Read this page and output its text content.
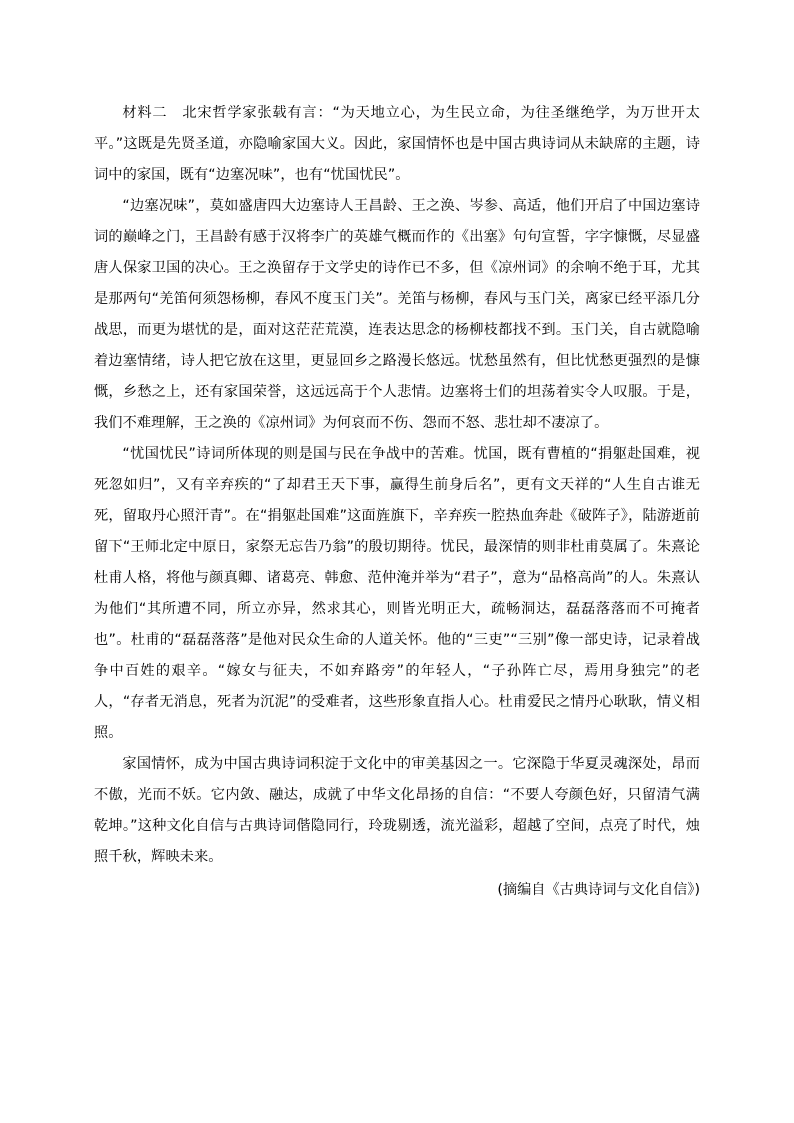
材料二　北宋哲学家张载有言：“为天地立心，为生民立命，为往圣继绝学，为万世开太平。”这既是先贤圣道，亦隐喻家国大义。因此，家国情怀也是中国古典诗词从未缺席的主题，诗词中的家国，既有“边塞况味”，也有“忧国忧民”。

“边塞况味”，莫如盛唐四大边塞诗人王昌龄、王之涣、岑参、高适，他们开启了中国边塞诗词的巅峰之门，王昌龄有感于汉将李广的英雄气概而作的《出塞》句句宣誓，字字慷慨，尽显盛唐人保家卫国的决心。王之涣留存于文学史的诗作已不多，但《凉州词》的余响不绝于耳，尤其是那两句“羌笛何须怨杨柳，春风不度玉门关”。羌笛与杨柳，春风与玉门关，离家已经平添几分战思，而更为堪忧的是，面对这茫茫荒漠，连表达思念的杨柳枝都找不到。玉门关，自古就隐喻着边塞情绪，诗人把它放在这里，更显回乡之路漫长悠远。忧愁虽然有，但比忧愁更强烈的是慷慨，乡愁之上，还有家国荣誉，这远远高于个人悲情。边塞将士们的坦荡着实令人叹服。于是，我们不难理解，王之涣的《凉州词》为何哀而不伤、怨而不怒、悲壮却不凄凉了。

“忧国忧民”诗词所体现的则是国与民在争战中的苦难。忧国，既有曹植的“捐躯赴国难，视死忽如归”，又有辛弃疾的“了却君王天下事，赢得生前身后名”，更有文天祥的“人生自古谁无死，留取丹心照汗青”。在“捐躯赴国难”这面旌旗下，辛弃疾一腔热血奔赴《破阵子》，陆游逝前留下“王师北定中原日，家祭无忘告乃翁”的殷切期待。忧民，最深情的则非杜甫莫属了。朱熹论杜甫人格，将他与颜真卿、诸葛亮、韩愈、范仲淹并举为“君子”，意为“品格高尚”的人。朱熹认为他们“其所遭不同，所立亦异，然求其心，则皆光明正大，疏畅洞达，磊磊落落而不可掩者也”。杜甫的“磊磊落落”是他对民众生命的人道关怀。他的“三吏”“三别”像一部史诗，记录着战争中百姓的艰辛。“嫁女与征夫，不如弃路旁”的年轻人，“子孙阵亡尽，焉用身独完”的老人，“存者无消息，死者为沉泥”的受难者，这些形象直指人心。杜甫爱民之情丹心耿耿，情义相照。

家国情怀，成为中国古典诗词积淀于文化中的审美基因之一。它深隐于华夏灵魂深处，昂而不傲，光而不妖。它内敛、融达，成就了中华文化昂扬的自信：“不要人夸颜色好，只留清气满乾坤。”这种文化自信与古典诗词偕隐同行，玲珑剔透，流光溢彩，超越了空间，点亮了时代，烛照千秋，辉映未来。

(摘编自《古典诗词与文化自信》)
